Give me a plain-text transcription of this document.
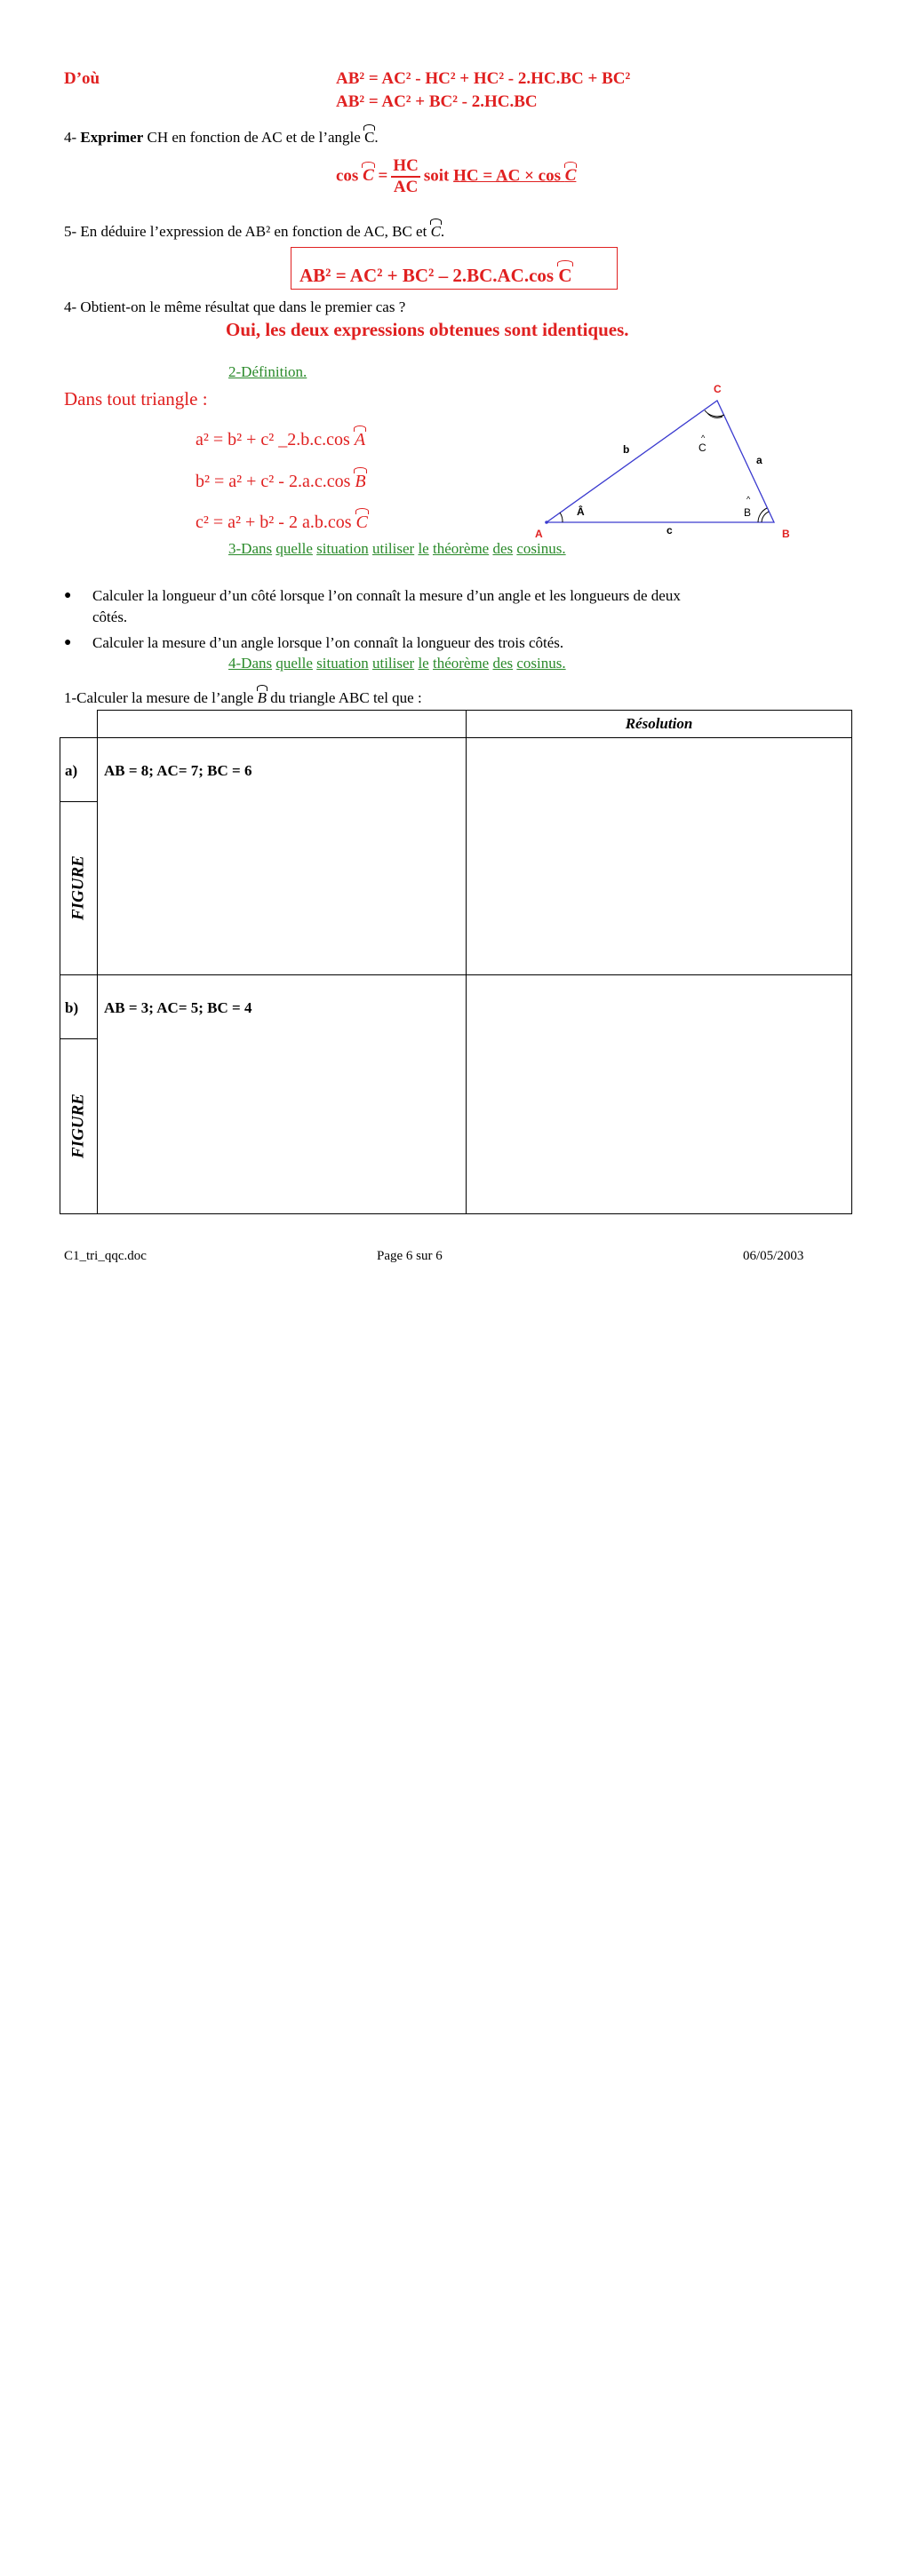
D’où	AB² = AC² - HC² + HC² - 2.HC.BC + BC²
AB² = AC² + BC² - 2.HC.BC
4- Exprimer CH en fonction de AC et de l’angle C.
$\cos C = \frac{HC}{AC}$ soit HC = AC × cos C
5- En déduire l’expression de AB² en fonction de AC, BC et C.
AB² = AC² + BC² – 2.BC.AC.cos C
4- Obtient-on le même résultat que dans le premier cas ?
Oui, les deux expressions obtenues sont identiques.
2-Définition.
Dans tout triangle :
a² = b² + c² _2.b.c.cos A
b² = a² + c² - 2.a.c.cos B
c² = a² + b² - 2 a.b.cos C
A	B
C
b
a
c
Â
^
B
^
C
3-Dans quelle situation utiliser le théorème des cosinus.
● Calculer la longueur d’un côté lorsque l’on connaît la mesure d’un angle et les longueurs de deux
côtés.
● Calculer la mesure d’un angle lorsque l’on connaît la longueur des trois côtés.
4-Dans quelle situation utiliser le théorème des cosinus.
1-Calculer la mesure de l’angle B du triangle ABC tel que :
		Résolution
a)	AB = 8; AC= 7; BC = 6	

FIGURE		

b)	AB = 3; AC= 5; BC = 4	

FIGURE		
C1_tri_qqc.doc	Page 6 sur 6	06/05/2003
